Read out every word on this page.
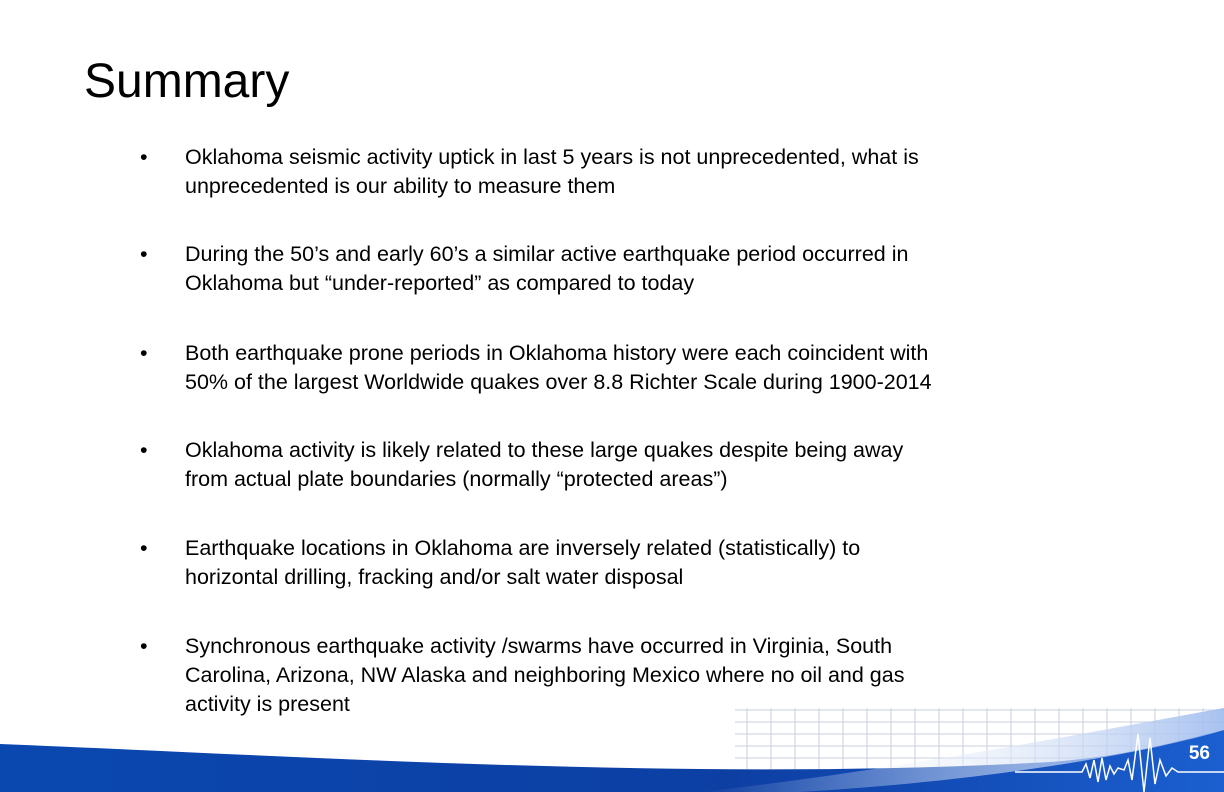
Summary
• Oklahoma seismic activity uptick in last 5 years is not unprecedented, what is
unprecedented is our ability to measure them
• During the 50’s and early 60’s a similar active earthquake period occurred in
Oklahoma but “under-reported” as compared to today
• Both earthquake prone periods in Oklahoma history were each coincident with
50% of the largest Worldwide quakes over 8.8 Richter Scale during 1900-2014
• Oklahoma activity is likely related to these large quakes despite being away
from actual plate boundaries (normally “protected areas”)
• Earthquake locations in Oklahoma are inversely related (statistically) to
horizontal drilling, fracking and/or salt water disposal
• Synchronous earthquake activity /swarms have occurred in Virginia, South
Carolina, Arizona, NW Alaska and neighboring Mexico where no oil and gas
activity is present
56
